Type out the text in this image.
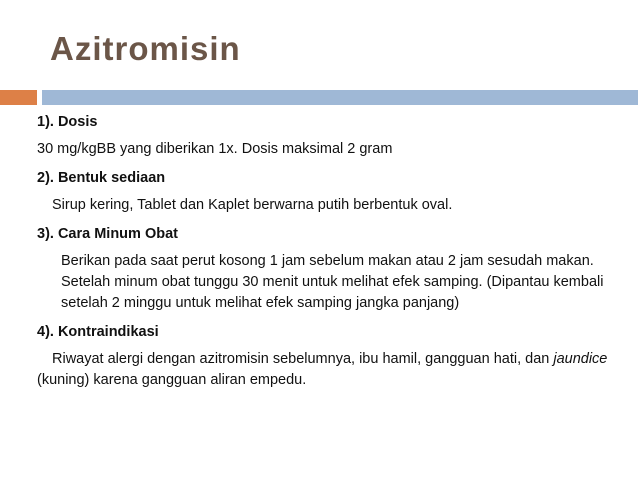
Azitromisin

1). Dosis

30 mg/kgBB yang diberikan 1x. Dosis maksimal 2 gram

2). Bentuk sediaan

Sirup kering, Tablet dan Kaplet berwarna putih berbentuk oval.

3). Cara Minum Obat

Berikan pada saat perut kosong 1 jam sebelum makan atau 2 jam sesudah makan. Setelah minum obat tunggu 30 menit untuk melihat efek samping. (Dipantau kembali setelah 2 minggu untuk melihat efek samping jangka panjang)

4). Kontraindikasi

Riwayat alergi dengan azitromisin sebelumnya, ibu hamil, gangguan hati, dan jaundice (kuning) karena gangguan aliran empedu.
